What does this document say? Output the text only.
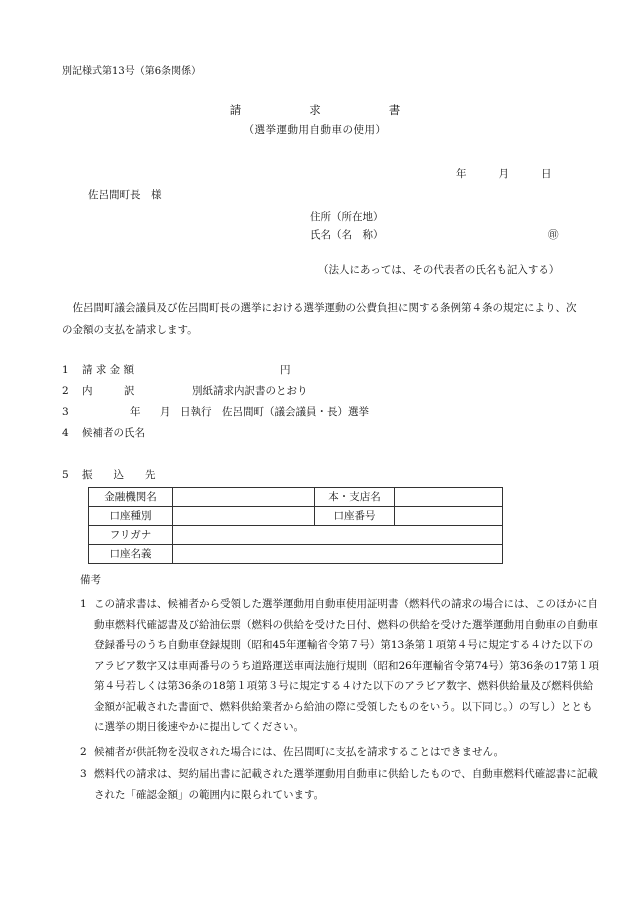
別記様式第13号（第6条関係）
請	求	書
（選挙運動用自動車の使用）
年	月	日
佐呂間町長　様
住所（所在地）
氏名（名　称）	㊞
（法人にあっては、その代表者の氏名も記入する）
佐呂間町議会議員及び佐呂間町長の選挙における選挙運動の公費負担に関する条例第４条の規定により、次の金額の支払を請求します。
1 請 求 金 額	円
2 内　　　訳	別紙請求内訳書のとおり
3	年 月 日執行　佐呂間町（議会議員・長）選挙
4 候補者の氏名
5 振　　込　　先
金融機関名		本・支店名	
口座種別		口座番号	
フリガナ			
口座名義			
備考
1 この請求書は、候補者から受領した選挙運動用自動車使用証明書（燃料代の請求の場合には、このほかに自動車燃料代確認書及び給油伝票（燃料の供給を受けた日付、燃料の供給を受けた選挙運動用自動車の自動車登録番号のうち自動車登録規則（昭和45年運輸省令第７号）第13条第１項第４号に規定する４けた以下のアラビア数字又は車両番号のうち道路運送車両法施行規則（昭和26年運輸省令第74号）第36条の17第１項第４号若しくは第36条の18第１項第３号に規定する４けた以下のアラビア数字、燃料供給量及び燃料供給金額が記載された書面で、燃料供給業者から給油の際に受領したものをいう。以下同じ。）の写し）とともに選挙の期日後速やかに提出してください。
2 候補者が供託物を没収された場合には、佐呂間町に支払を請求することはできません。
3 燃料代の請求は、契約届出書に記載された選挙運動用自動車に供給したもので、自動車燃料代確認書に記載された「確認金額」の範囲内に限られています。
